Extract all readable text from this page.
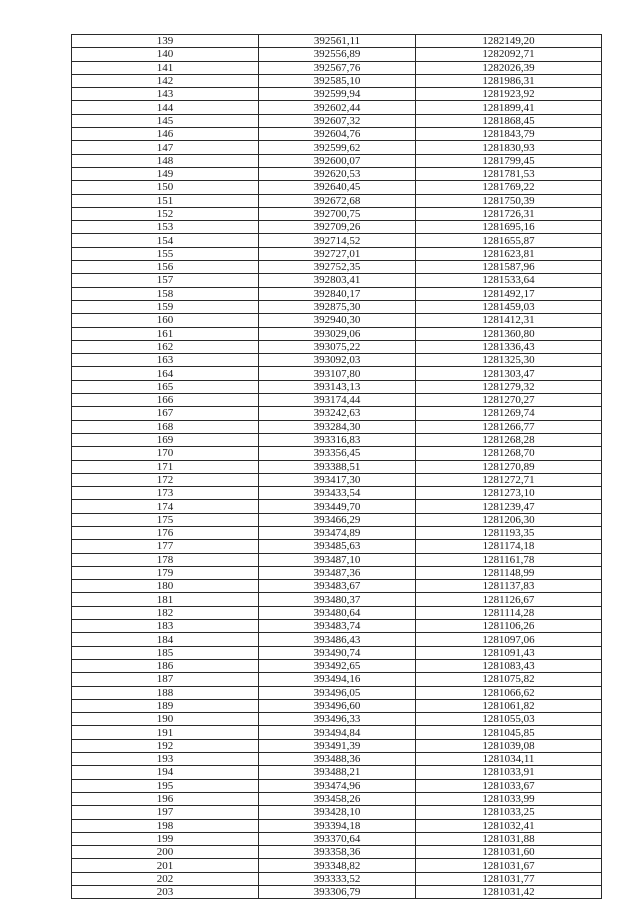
139	392561,11	1282149,20
140	392556,89	1282092,71
141	392567,76	1282026,39
142	392585,10	1281986,31
143	392599,94	1281923,92
144	392602,44	1281899,41
145	392607,32	1281868,45
146	392604,76	1281843,79
147	392599,62	1281830,93
148	392600,07	1281799,45
149	392620,53	1281781,53
150	392640,45	1281769,22
151	392672,68	1281750,39
152	392700,75	1281726,31
153	392709,26	1281695,16
154	392714,52	1281655,87
155	392727,01	1281623,81
156	392752,35	1281587,96
157	392803,41	1281533,64
158	392840,17	1281492,17
159	392875,30	1281459,03
160	392940,30	1281412,31
161	393029,06	1281360,80
162	393075,22	1281336,43
163	393092,03	1281325,30
164	393107,80	1281303,47
165	393143,13	1281279,32
166	393174,44	1281270,27
167	393242,63	1281269,74
168	393284,30	1281266,77
169	393316,83	1281268,28
170	393356,45	1281268,70
171	393388,51	1281270,89
172	393417,30	1281272,71
173	393433,54	1281273,10
174	393449,70	1281239,47
175	393466,29	1281206,30
176	393474,89	1281193,35
177	393485,63	1281174,18
178	393487,10	1281161,78
179	393487,36	1281148,99
180	393483,67	1281137,83
181	393480,37	1281126,67
182	393480,64	1281114,28
183	393483,74	1281106,26
184	393486,43	1281097,06
185	393490,74	1281091,43
186	393492,65	1281083,43
187	393494,16	1281075,82
188	393496,05	1281066,62
189	393496,60	1281061,82
190	393496,33	1281055,03
191	393494,84	1281045,85
192	393491,39	1281039,08
193	393488,36	1281034,11
194	393488,21	1281033,91
195	393474,96	1281033,67
196	393458,26	1281033,99
197	393428,10	1281033,25
198	393394,18	1281032,41
199	393370,64	1281031,88
200	393358,36	1281031,60
201	393348,82	1281031,67
202	393333,52	1281031,77
203	393306,79	1281031,42
